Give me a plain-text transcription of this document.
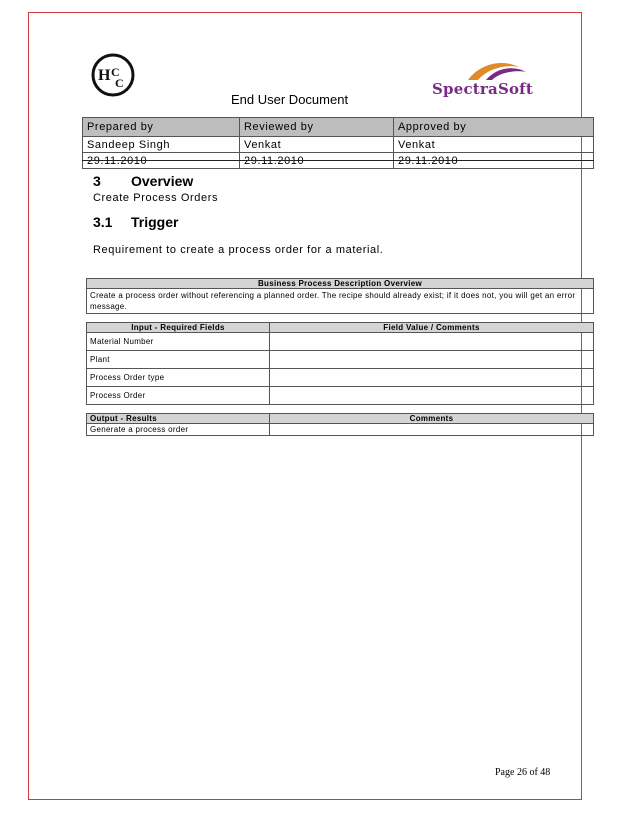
H C
C	SpectraSoft
End User Document
Prepared by	Reviewed by	Approved by
Sandeep Singh	Venkat	Venkat
29.11.2010	29.11.2010	29.11.2010
3 Overview
Create Process Orders
3.1 Trigger
Requirement to create a process order for a material.
Business Process Description Overview
Create a process order without referencing a planned order. The recipe should already exist; if it does not, you will get an error message.
Input - Required Fields	Field Value / Comments
Material Number	
Plant	
Process Order type	
Process Order	
Output - Results	Comments
Generate a process order	
Page 26 of 48
